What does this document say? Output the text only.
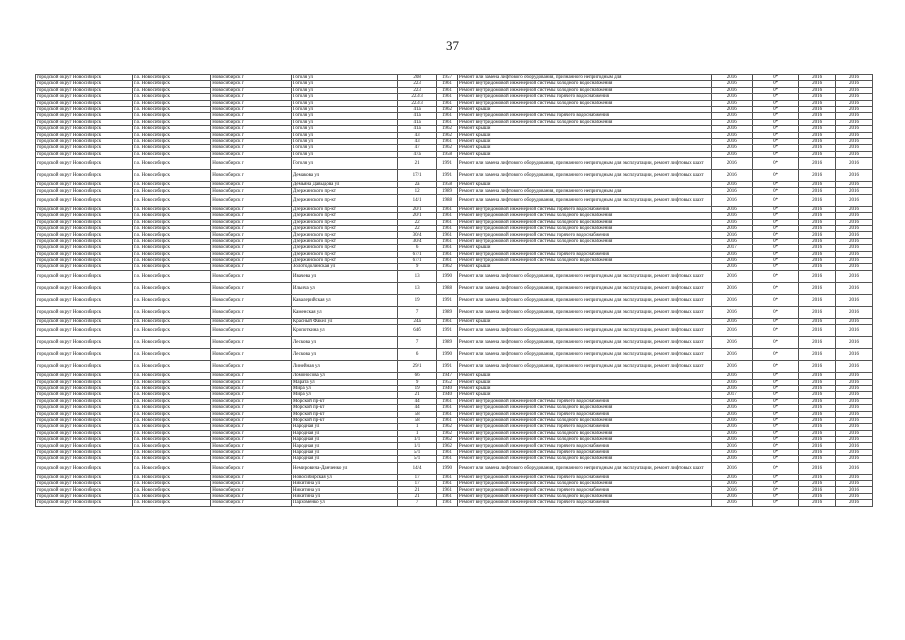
37
городской округ Новосибирск	г.о. Новосибирск	Новосибирск г	Гоголя ул	208	1957	Ремонт или замена лифтового оборудования, признанного непригодным для	2016	0*	2016	2016
городской округ Новосибирск	г.о. Новосибирск	Новосибирск г	Гоголя ул	223	1961	Ремонт внутридомовой инженерной системы холодного водоснабжения	2016	0*	2016	2016
городской округ Новосибирск	г.о. Новосибирск	Новосибирск г	Гоголя ул	223	1961	Ремонт внутридомовой инженерной системы холодного водоснабжения	2016	0*	2016	2016
городской округ Новосибирск	г.о. Новосибирск	Новосибирск г	Гоголя ул	223/3	1961	Ремонт внутридомовой инженерной системы горячего водоснабжения	2016	0*	2016	2016
городской округ Новосибирск	г.о. Новосибирск	Новосибирск г	Гоголя ул	223/3	1961	Ремонт внутридомовой инженерной системы холодного водоснабжения	2016	0*	2016	2016
городской округ Новосибирск	г.о. Новосибирск	Новосибирск г	Гоголя ул	41а	1962	Ремонт крыши	2016	0*	2016	2016
городской округ Новосибирск	г.о. Новосибирск	Новосибирск г	Гоголя ул	41а	1961	Ремонт внутридомовой инженерной системы горячего водоснабжения	2016	0*	2016	2016
городской округ Новосибирск	г.о. Новосибирск	Новосибирск г	Гоголя ул	41а	1961	Ремонт внутридомовой инженерной системы холодного водоснабжения	2016	0*	2016	2016
городской округ Новосибирск	г.о. Новосибирск	Новосибирск г	Гоголя ул	41а	1962	Ремонт крыши	2016	0*	2016	2016
городской округ Новосибирск	г.о. Новосибирск	Новосибирск г	Гоголя ул	43	1962	Ремонт крыши	2016	0*	2016	2016
городской округ Новосибирск	г.о. Новосибирск	Новосибирск г	Гоголя ул	43	1961	Ремонт крыши	2016	0*	2016	2016
городской округ Новосибирск	г.о. Новосибирск	Новосибирск г	Гоголя ул	47	1962	Ремонт крыши	2016	0*	2016	2016
городской округ Новосибирск	г.о. Новосибирск	Новосибирск г	Гоголя ул	47а	1958	Ремонт крыши	2016	0*	2016	2016
городской округ Новосибирск	г.о. Новосибирск	Новосибирск г	Гоголя ул	21	1991	Ремонт или замена лифтового оборудования, признанного непригодным для эксплуатации, ремонт лифтовых шахт	2016	0*	2016	2016
городской округ Новосибирск	г.о. Новосибирск	Новосибирск г	Демакова ул	17/1	1991	Ремонт или замена лифтового оборудования, признанного непригодным для эксплуатации, ремонт лифтовых шахт	2016	0*	2016	2016
городской округ Новосибирск	г.о. Новосибирск	Новосибирск г	Демьяна Давыдова ул	2а	1958	Ремонт крыши	2016	0*	2016	2016
городской округ Новосибирск	г.о. Новосибирск	Новосибирск г	Дзержинского пр-кт	12	1989	Ремонт или замена лифтового оборудования, признанного непригодным для	2016	0*	2016	2016
городской округ Новосибирск	г.о. Новосибирск	Новосибирск г	Дзержинского пр-кт	14/1	1988	Ремонт или замена лифтового оборудования, признанного непригодным для эксплуатации, ремонт лифтовых шахт	2016	0*	2016	2016
городской округ Новосибирск	г.о. Новосибирск	Новосибирск г	Дзержинского пр-кт	20/1	1961	Ремонт внутридомовой инженерной системы горячего водоснабжения	2016	0*	2016	2016
городской округ Новосибирск	г.о. Новосибирск	Новосибирск г	Дзержинского пр-кт	20/1	1961	Ремонт внутридомовой инженерной системы холодного водоснабжения	2016	0*	2016	2016
городской округ Новосибирск	г.о. Новосибирск	Новосибирск г	Дзержинского пр-кт	22	1961	Ремонт внутридомовой инженерной системы холодного водоснабжения	2016	0*	2016	2016
городской округ Новосибирск	г.о. Новосибирск	Новосибирск г	Дзержинского пр-кт	22	1961	Ремонт внутридомовой инженерной системы холодного водоснабжения	2016	0*	2016	2016
городской округ Новосибирск	г.о. Новосибирск	Новосибирск г	Дзержинского пр-кт	30/4	1961	Ремонт внутридомовой инженерной системы горячего водоснабжения	2016	0*	2016	2016
городской округ Новосибирск	г.о. Новосибирск	Новосибирск г	Дзержинского пр-кт	30/4	1961	Ремонт внутридомовой инженерной системы холодного водоснабжения	2016	0*	2016	2016
городской округ Новосибирск	г.о. Новосибирск	Новосибирск г	Дзержинского пр-кт	6	1961	Ремонт крыши	2017	0*	2016	2016
городской округ Новосибирск	г.о. Новосибирск	Новосибирск г	Дзержинского пр-кт	67/1	1961	Ремонт внутридомовой инженерной системы горячего водоснабжения	2016	0*	2016	2016
городской округ Новосибирск	г.о. Новосибирск	Новосибирск г	Дзержинского пр-кт	67/1	1961	Ремонт внутридомовой инженерной системы холодного водоснабжения	2016	0*	2016	2016
городской округ Новосибирск	г.о. Новосибирск	Новосибирск г	Золотодолинская ул	9	1962	Ремонт крыши	2016	0*	2016	2016
городской округ Новосибирск	г.о. Новосибирск	Новосибирск г	Ивачева ул	13	1990	Ремонт или замена лифтового оборудования, признанного непригодным для эксплуатации, ремонт лифтовых шахт	2016	0*	2016	2016
городской округ Новосибирск	г.о. Новосибирск	Новосибирск г	Ильича ул	13	1988	Ремонт или замена лифтового оборудования, признанного непригодным для эксплуатации, ремонт лифтовых шахт	2016	0*	2016	2016
городской округ Новосибирск	г.о. Новосибирск	Новосибирск г	Кавалерийская ул	19	1991	Ремонт или замена лифтового оборудования, признанного непригодным для эксплуатации, ремонт лифтовых шахт	2016	0*	2016	2016
городской округ Новосибирск	г.о. Новосибирск	Новосибирск г	Каменская ул	7	1989	Ремонт или замена лифтового оборудования, признанного непригодным для эксплуатации, ремонт лифтовых шахт	2016	0*	2016	2016
городской округ Новосибирск	г.о. Новосибирск	Новосибирск г	Красный Факел ул	24а	1961	Ремонт крыши	2016	0*	2016	2016
городской округ Новосибирск	г.о. Новосибирск	Новосибирск г	Кропоткина ул	64б	1991	Ремонт или замена лифтового оборудования, признанного непригодным для эксплуатации, ремонт лифтовых шахт	2016	0*	2016	2016
городской округ Новосибирск	г.о. Новосибирск	Новосибирск г	Лескова ул	7	1989	Ремонт или замена лифтового оборудования, признанного непригодным для эксплуатации, ремонт лифтовых шахт	2016	0*	2016	2016
городской округ Новосибирск	г.о. Новосибирск	Новосибирск г	Лескова ул	6	1990	Ремонт или замена лифтового оборудования, признанного непригодным для эксплуатации, ремонт лифтовых шахт	2016	0*	2016	2016
городской округ Новосибирск	г.о. Новосибирск	Новосибирск г	Линейная ул	29/1	1991	Ремонт или замена лифтового оборудования, признанного непригодным для эксплуатации, ремонт лифтовых шахт	2016	0*	2016	2016
городской округ Новосибирск	г.о. Новосибирск	Новосибирск г	Ломоносова ул	66	1947	Ремонт крыши	2016	0*	2016	2016
городской округ Новосибирск	г.о. Новосибирск	Новосибирск г	Марата ул	9	1952	Ремонт крыши	2016	0*	2016	2016
городской округ Новосибирск	г.о. Новосибирск	Новосибирск г	Мира ул	19	1940	Ремонт крыши	2016	0*	2016	2016
городской округ Новосибирск	г.о. Новосибирск	Новосибирск г	Мира ул	21	1940	Ремонт крыши	2017	0*	2016	2016
городской округ Новосибирск	г.о. Новосибирск	Новосибирск г	Морской пр-кт	44	1961	Ремонт внутридомовой инженерной системы горячего водоснабжения	2016	0*	2016	2016
городской округ Новосибирск	г.о. Новосибирск	Новосибирск г	Морской пр-кт	44	1961	Ремонт внутридомовой инженерной системы холодного водоснабжения	2016	0*	2016	2016
городской округ Новосибирск	г.о. Новосибирск	Новосибирск г	Морской пр-кт	58	1961	Ремонт внутридомовой инженерной системы горячего водоснабжения	2016	0*	2016	2016
городской округ Новосибирск	г.о. Новосибирск	Новосибирск г	Морской пр-кт	58	1961	Ремонт внутридомовой инженерной системы холодного водоснабжения	2016	0*	2016	2016
городской округ Новосибирск	г.о. Новосибирск	Новосибирск г	Народная ул	1	1962	Ремонт внутридомовой инженерной системы горячего водоснабжения	2016	0*	2016	2016
городской округ Новосибирск	г.о. Новосибирск	Новосибирск г	Народная ул	1	1962	Ремонт внутридомовой инженерной системы холодного водоснабжения	2016	0*	2016	2016
городской округ Новосибирск	г.о. Новосибирск	Новосибирск г	Народная ул	1/1	1962	Ремонт внутридомовой инженерной системы холодного водоснабжения	2016	0*	2016	2016
городской округ Новосибирск	г.о. Новосибирск	Новосибирск г	Народная ул	1/1	1962	Ремонт внутридомовой инженерной системы горячего водоснабжения	2016	0*	2016	2016
городской округ Новосибирск	г.о. Новосибирск	Новосибирск г	Народная ул	5/1	1961	Ремонт внутридомовой инженерной системы горячего водоснабжения	2016	0*	2016	2016
городской округ Новосибирск	г.о. Новосибирск	Новосибирск г	Народная ул	5/1	1961	Ремонт внутридомовой инженерной системы холодного водоснабжения	2016	0*	2016	2016
городской округ Новосибирск	г.о. Новосибирск	Новосибирск г	Немировича-Данченко ул	14/4	1990	Ремонт или замена лифтового оборудования, признанного непригодным для эксплуатации, ремонт лифтовых шахт	2016	0*	2016	2016
городской округ Новосибирск	г.о. Новосибирск	Новосибирск г	Новосибирская ул	17	1961	Ремонт внутридомовой инженерной системы горячего водоснабжения	2016	0*	2016	2016
городской округ Новосибирск	г.о. Новосибирск	Новосибирск г	Никитина ул	17	1961	Ремонт внутридомовой инженерной системы холодного водоснабжения	2016	0*	2016	2016
городской округ Новосибирск	г.о. Новосибирск	Новосибирск г	Никитина ул	21	1961	Ремонт внутридомовой инженерной системы горячего водоснабжения	2016	0*	2016	2016
городской округ Новосибирск	г.о. Новосибирск	Новосибирск г	Никитина ул	21	1961	Ремонт внутридомовой инженерной системы холодного водоснабжения	2016	0*	2016	2016
городской округ Новосибирск	г.о. Новосибирск	Новосибирск г	Пархоменко ул	7	1961	Ремонт внутридомовой инженерной системы горячего водоснабжения	2016	0*	2016	2016
